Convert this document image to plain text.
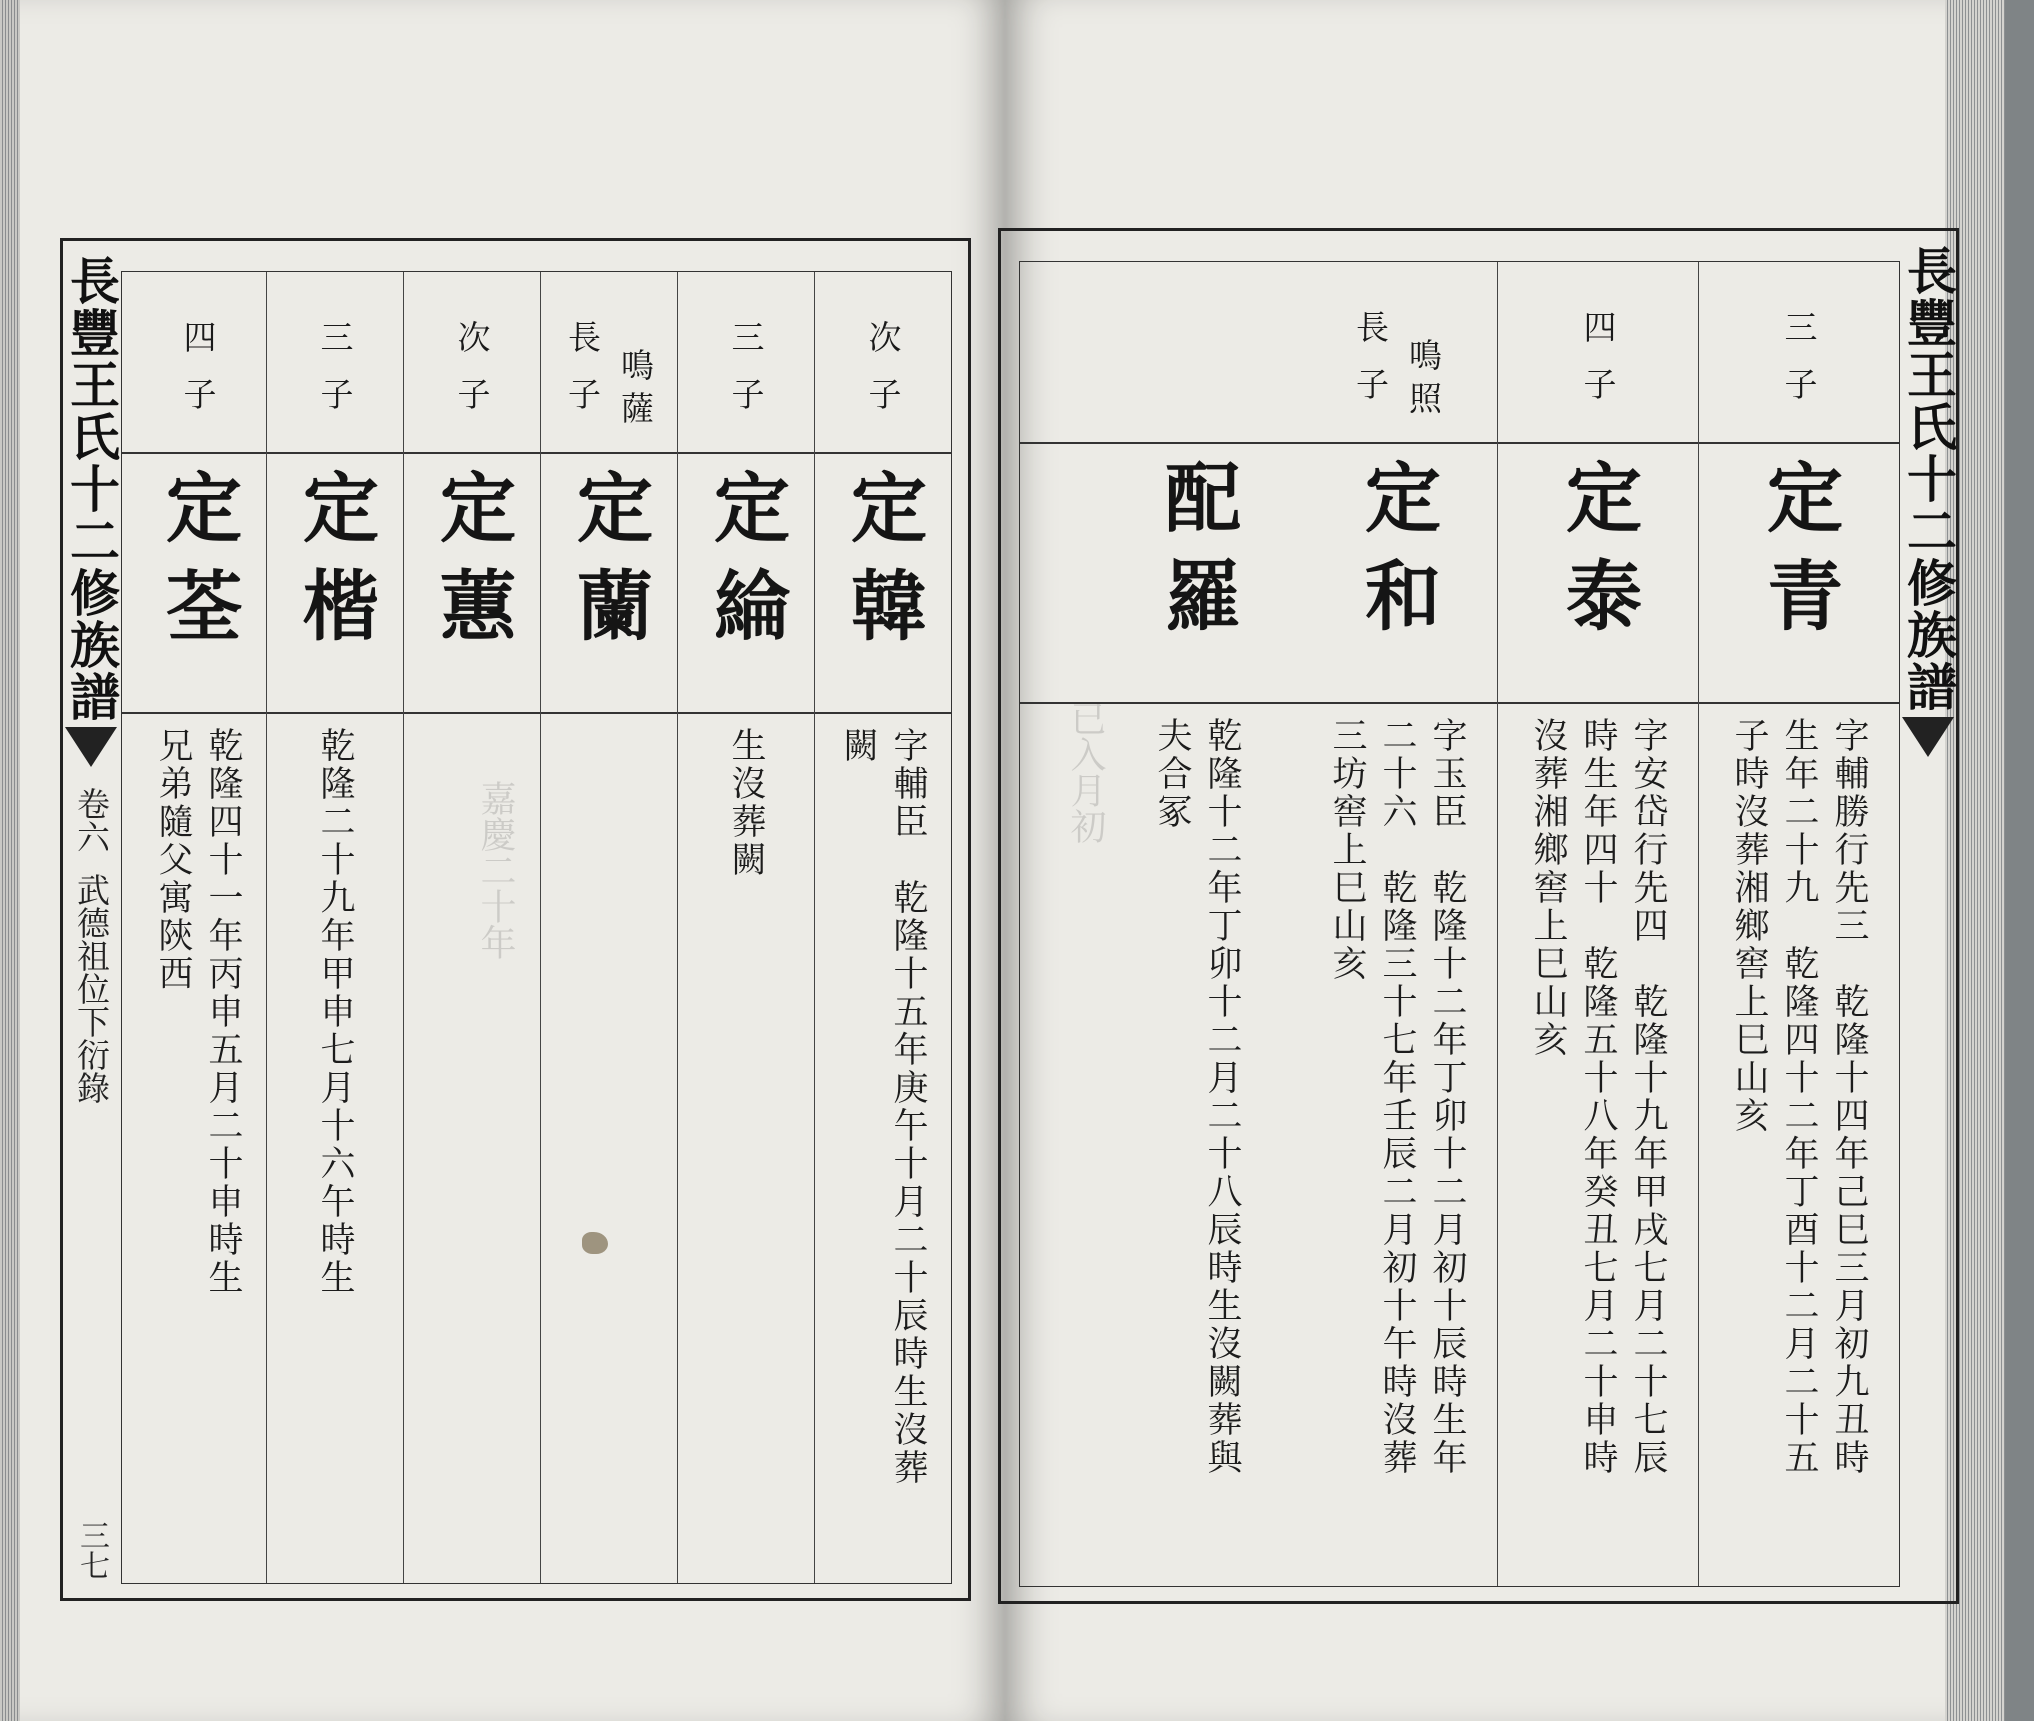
嘉慶二十年
已入月初
長豐王氏十二修族譜
卷六
武德祖位下衍錄
三七
次子
定韓
字輔臣　乾隆十五年庚午十月二十辰時生沒葬
闕
三子
定綸
生沒葬闕
鳴薩
長子
定蘭
次子
定蕙
三子
定楷
乾隆二十九年甲申七月十六午時生
四子
定荃
乾隆四十一年丙申五月二十申時生
兄弟隨父寓陝西
長豐王氏十二修族譜
三子
定青
字輔勝行先三　乾隆十四年己巳三月初九丑時
生年二十九　乾隆四十二年丁酉十二月二十五
子時沒葬湘鄉窖上巳山亥
四子
定泰
字安岱行先四　乾隆十九年甲戌七月二十七辰
時生年四十　乾隆五十八年癸丑七月二十申時
沒葬湘鄉窖上巳山亥
鳴照
長子
定和
字玉臣　乾隆十二年丁卯十二月初十辰時生年
二十六　乾隆三十七年壬辰二月初十午時沒葬
三坊窖上巳山亥
配羅
乾隆十二年丁卯十二月二十八辰時生沒闕葬與
夫合冢
